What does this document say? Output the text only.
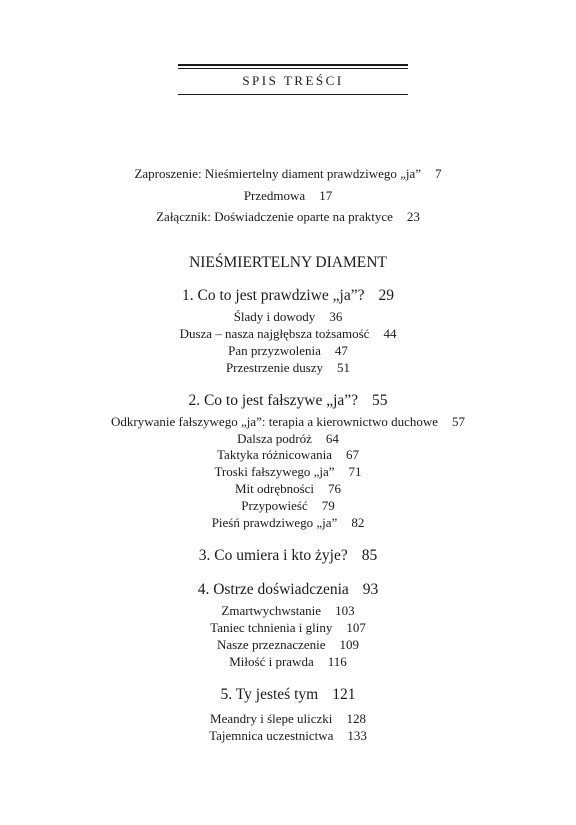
SPIS TREŚCI
Zaproszenie: Nieśmiertelny diament prawdziwego „ja” 7
Przedmowa 17
Załącznik: Doświadczenie oparte na praktyce 23
NIEŚMIERTELNY DIAMENT
1. Co to jest prawdziwe „ja”? 29
Ślady i dowody 36
Dusza – nasza najgłębsza tożsamość 44
Pan przyzwolenia 47
Przestrzenie duszy 51
2. Co to jest fałszywe „ja”? 55
Odkrywanie fałszywego „ja”: terapia a kierownictwo duchowe 57
Dalsza podróż 64
Taktyka różnicowania 67
Troski fałszywego „ja” 71
Mit odrębności 76
Przypowieść 79
Pieśń prawdziwego „ja” 82
3. Co umiera i kto żyje? 85
4. Ostrze doświadczenia 93
Zmartwychwstanie 103
Taniec tchnienia i gliny 107
Nasze przeznaczenie 109
Miłość i prawda 116
5. Ty jesteś tym 121
Meandry i ślepe uliczki 128
Tajemnica uczestnictwa 133
